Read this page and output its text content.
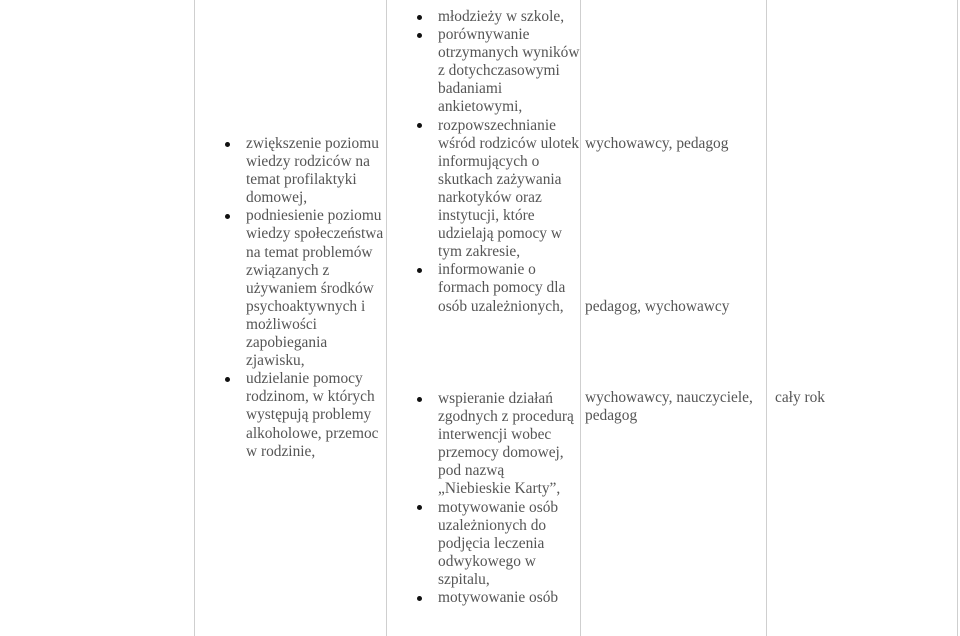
zwiększenie poziomu wiedzy rodziców na temat profilaktyki domowej,
podniesienie poziomu wiedzy społeczeństwa na temat problemów związanych z używaniem środków psychoaktywnych i możliwości zapobiegania zjawisku,
udzielanie pomocy rodzinom, w których występują problemy alkoholowe, przemoc w rodzinie,
młodzieży w szkole,
porównywanie otrzymanych wyników z dotychczasowymi badaniami ankietowymi,
rozpowszechnianie wśród rodziców ulotek informujących o skutkach zażywania narkotyków oraz instytucji, które udzielają pomocy w tym zakresie,
informowanie o formach pomocy dla osób uzależnionych,
wspieranie działań zgodnych z procedurą interwencji wobec przemocy domowej, pod nazwą „Niebieskie Karty”,
motywowanie osób uzależnionych do podjęcia leczenia odwykowego w szpitalu,
motywowanie osób
wychowawcy, pedagog
pedagog, wychowawcy
wychowawcy, nauczyciele, pedagog
cały rok
